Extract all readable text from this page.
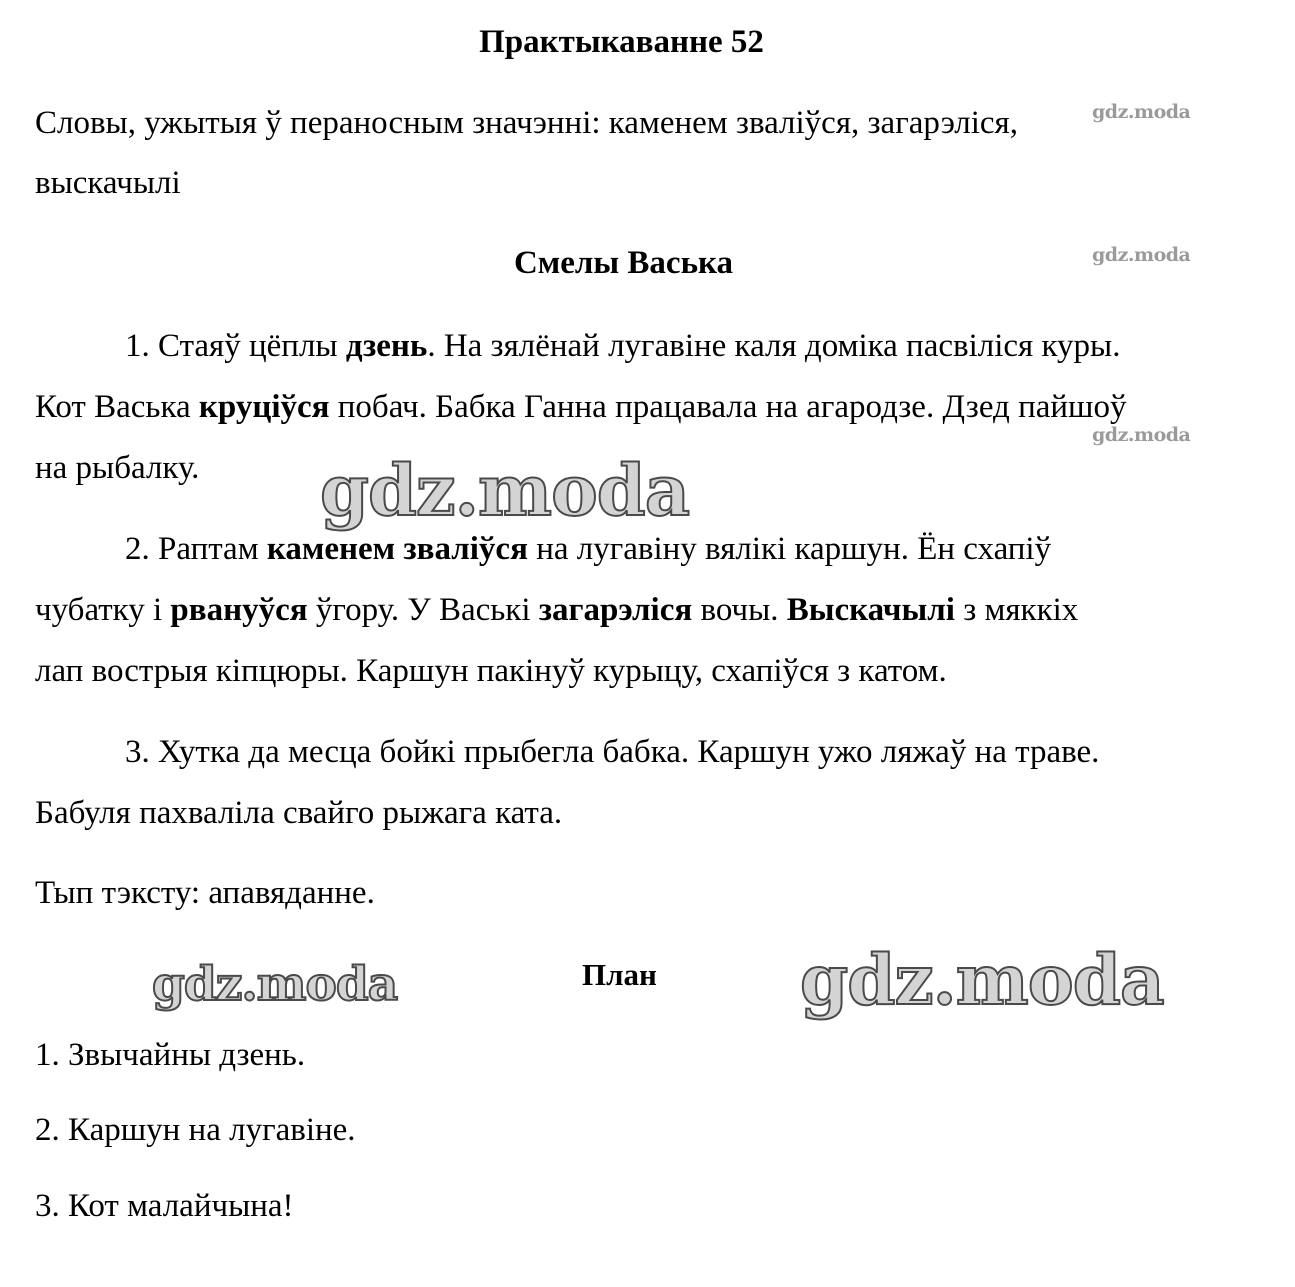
Практыкаванне 52
Словы, ужытыя ў пераносным значэнні: каменем зваліўся, загарэліся,
выскачылі
Смелы Васька
1. Стаяў цёплы дзень. На зялёнай лугавіне каля доміка пасвіліся куры.
Кот Васька круціўся побач. Бабка Ганна працавала на агародзе. Дзед пайшоў
на рыбалку.
2. Раптам каменем зваліўся на лугавіну вялікі каршун. Ён схапіў
чубатку і рвануўся ўгору. У Ваські загарэліся вочы. Выскачылі з мяккіх
лап вострыя кіпцюры. Каршун пакінуў курыцу, схапіўся з катом.
3. Хутка да месца бойкі прыбегла бабка. Каршун ужо ляжаў на траве.
Бабуля пахваліла свайго рыжага ката.
Тып тэксту: апавяданне.
План
1. Звычайны дзень.
2. Каршун на лугавіне.
3. Кот малайчына!
gdz.moda
gdz.moda
gdz.moda
gdz.moda
gdz.moda	gdz.moda
